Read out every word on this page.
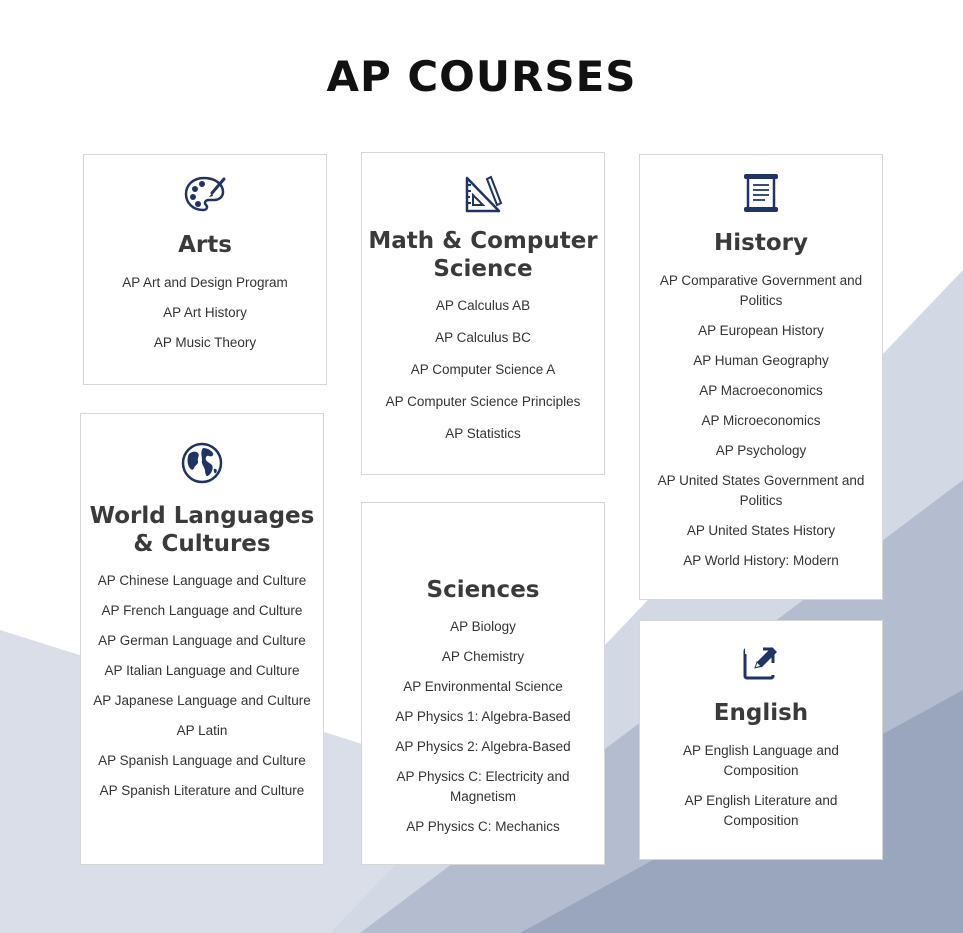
AP COURSES
Arts
AP Art and Design Program
AP Art History
AP Music Theory
Math & Computer Science
AP Calculus AB
AP Calculus BC
AP Computer Science A
AP Computer Science Principles
AP Statistics
History
AP Comparative Government and Politics
AP European History
AP Human Geography
AP Macroeconomics
AP Microeconomics
AP Psychology
AP United States Government and Politics
AP United States History
AP World History: Modern
World Languages & Cultures
AP Chinese Language and Culture
AP French Language and Culture
AP German Language and Culture
AP Italian Language and Culture
AP Japanese Language and Culture
AP Latin
AP Spanish Language and Culture
AP Spanish Literature and Culture
Sciences
AP Biology
AP Chemistry
AP Environmental Science
AP Physics 1: Algebra-Based
AP Physics 2: Algebra-Based
AP Physics C: Electricity and Magnetism
AP Physics C: Mechanics
English
AP English Language and Composition
AP English Literature and Composition
